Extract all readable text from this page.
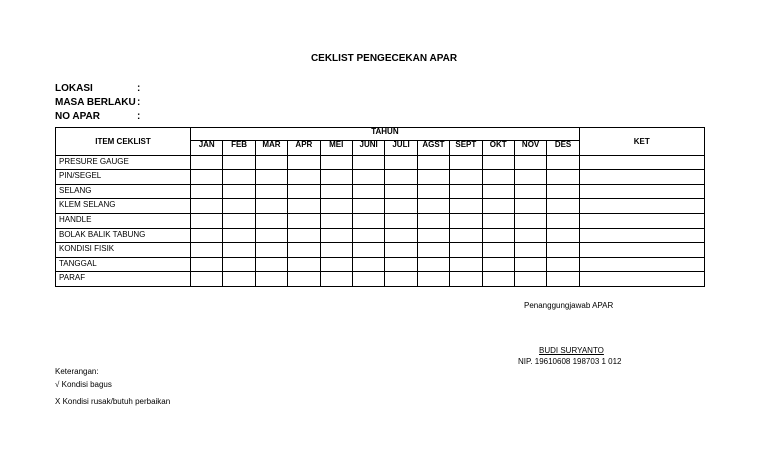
CEKLIST PENGECEKAN APAR
LOKASI	:
MASA BERLAKU:
NO APAR	:
ITEM CEKLIST	TAHUN												KET
	JAN	FEB	MAR	APR	MEI	JUNI	JULI	AGST	SEPT	OKT	NOV	DES	
PRESURE GAUGE													
PIN/SEGEL													
SELANG													
KLEM SELANG													
HANDLE													
BOLAK BALIK TABUNG													
KONDISI FISIK													
TANGGAL													
PARAF													
Penanggungjawab APAR
BUDI SURYANTO
NIP. 19610608 198703 1 012
Keterangan:
√ Kondisi bagus
X Kondisi rusak/butuh perbaikan
